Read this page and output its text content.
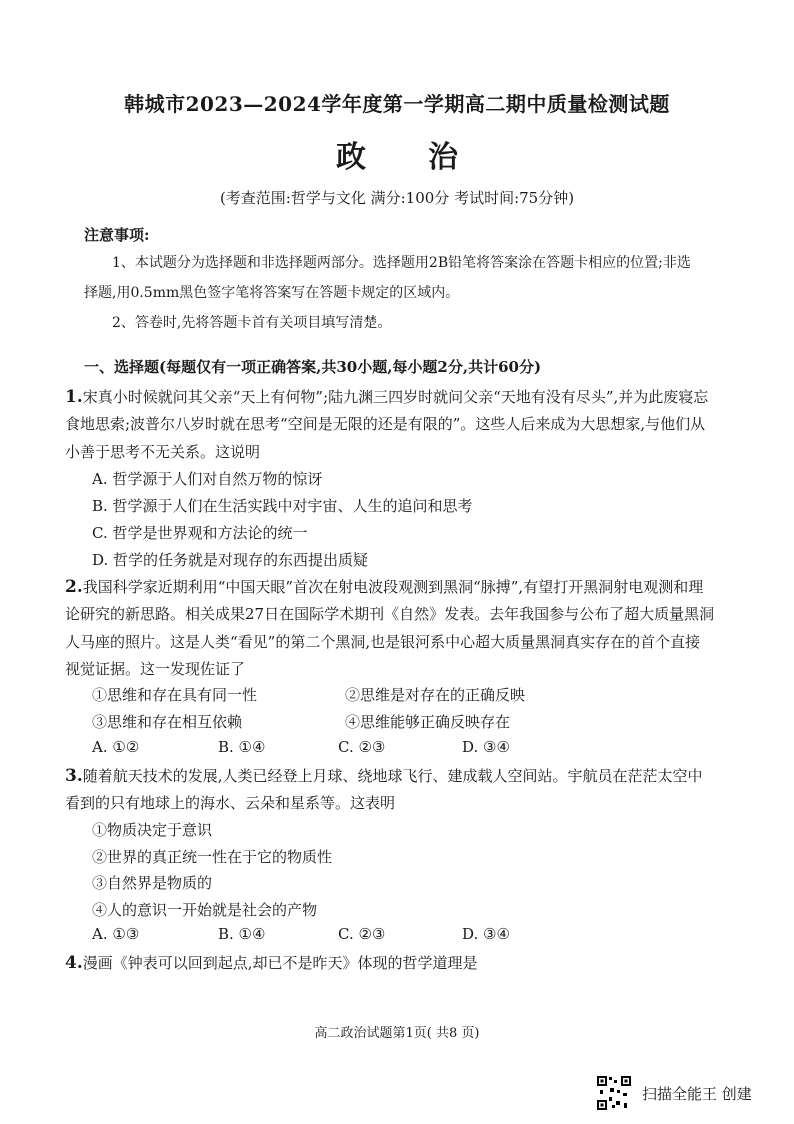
韩城市2023—2024学年度第一学期高二期中质量检测试题
政治
(考查范围:哲学与文化 满分:100分 考试时间:75分钟)
注意事项:
1、本试题分为选择题和非选择题两部分。选择题用2B铅笔将答案涂在答题卡相应的位置;非选择题,用0.5mm黑色签字笔将答案写在答题卡规定的区域内。
2、答卷时,先将答题卡首有关项目填写清楚。
一、选择题(每题仅有一项正确答案,共30小题,每小题2分,共计60分)
1.宋真小时候就问其父亲“天上有何物”;陆九渊三四岁时就问父亲“天地有没有尽头”,并为此废寝忘食地思索;波普尔八岁时就在思考“空间是无限的还是有限的”。这些人后来成为大思想家,与他们从小善于思考不无关系。这说明
A. 哲学源于人们对自然万物的惊讶
B. 哲学源于人们在生活实践中对宇宙、人生的追问和思考
C. 哲学是世界观和方法论的统一
D. 哲学的任务就是对现存的东西提出质疑
2.我国科学家近期利用“中国天眼”首次在射电波段观测到黑洞“脉搏”,有望打开黑洞射电观测和理论研究的新思路。相关成果27日在国际学术期刊《自然》发表。去年我国参与公布了超大质量黑洞人马座的照片。这是人类“看见”的第二个黑洞,也是银河系中心超大质量黑洞真实存在的首个直接视觉证据。这一发现佐证了
①思维和存在具有同一性	②思维是对存在的正确反映
③思维和存在相互依赖	④思维能够正确反映存在
A. ①②	B. ①④	C. ②③	D. ③④
3.随着航天技术的发展,人类已经登上月球、绕地球飞行、建成载人空间站。宇航员在茫茫太空中看到的只有地球上的海水、云朵和星系等。这表明
①物质决定于意识
②世界的真正统一性在于它的物质性
③自然界是物质的
④人的意识一开始就是社会的产物
A. ①③	B. ①④	C. ②③	D. ③④
4.漫画《钟表可以回到起点,却已不是昨天》体现的哲学道理是
高二政治试题第1页( 共8 页)
扫描全能王 创建
